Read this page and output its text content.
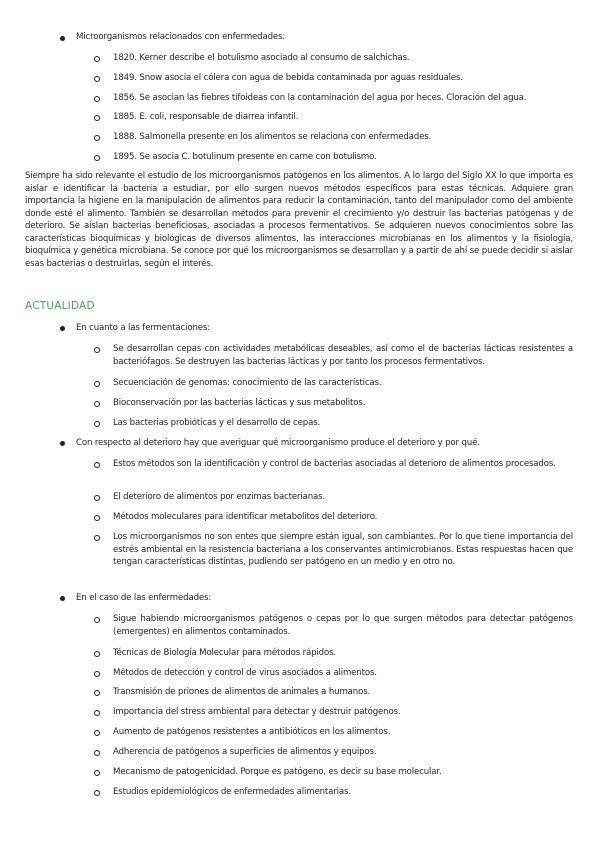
Microorganismos relacionados con enfermedades:
1820. Kerner describe el botulismo asociado al consumo de salchichas.
1849. Snow asocia el cólera con agua de bebida contaminada por aguas residuales.
1856. Se asocian las fiebres tifoideas con la contaminación del agua por heces. Cloración del agua.
1885. E. coli, responsable de diarrea infantil.
1888. Salmonella presente en los alimentos se relaciona con enfermedades.
1895. Se asocia C. botulinum presente en carne con botulismo.
Siempre ha sido relevante el estudio de los microorganismos patógenos en los alimentos. A lo largo del Siglo XX lo que importa es aislar e identificar la bacteria a estudiar, por ello surgen nuevos métodos específicos para estas técnicas. Adquiere gran importancia la higiene en la manipulación de alimentos para reducir la contaminación, tanto del manipulador como del ambiente donde esté el alimento. También se desarrollan métodos para prevenir el crecimiento y/o destruir las bacterias patógenas y de deterioro. Se aíslan bacterias beneficiosas, asociadas a procesos fermentativos. Se adquieren nuevos conocimientos sobre las características bioquímicas y biológicas de diversos alimentos, las interacciones microbianas en los alimentos y la fisiología, bioquímica y genética microbiana. Se conoce por qué los microorganismos se desarrollan y a partir de ahí se puede decidir si aislar esas bacterias o destruirlas, según el interés.
ACTUALIDAD
En cuanto a las fermentaciones:
Se desarrollan cepas con actividades metabólicas deseables, así como el de bacterias lácticas resistentes a bacteriófagos. Se destruyen las bacterias lácticas y por tanto los procesos fermentativos.
Secuenciación de genomas: conocimiento de las características.
Bioconservación por las bacterias lácticas y sus metabolitos.
Las bacterias probióticas y el desarrollo de cepas.
Con respecto al deterioro hay que averiguar qué microorganismo produce el deterioro y por qué.
Estos métodos son la identificación y control de bacterias asociadas al deterioro de alimentos procesados.
El deterioro de alimentos por enzimas bacterianas.
Métodos moleculares para identificar metabolitos del deterioro.
Los microorganismos no son entes que siempre están igual, son cambiantes. Por lo que tiene importancia del estrés ambiental en la resistencia bacteriana a los conservantes antimicrobianos. Estas respuestas hacen que tengan características distintas, pudiendo ser patógeno en un medio y en otro no.
En el caso de las enfermedades:
Sigue habiendo microorganismos patógenos o cepas por lo que surgen métodos para detectar patógenos (emergentes) en alimentos contaminados.
Técnicas de Biología Molecular para métodos rápidos.
Métodos de detección y control de virus asociados a alimentos.
Transmisión de priones de alimentos de animales a humanos.
Importancia del stress ambiental para detectar y destruir patógenos.
Aumento de patógenos resistentes a antibióticos en los alimentos.
Adherencia de patógenos a superficies de alimentos y equipos.
Mecanismo de patogenicidad. Porque es patógeno, es decir su base molecular.
Estudios epidemiológicos de enfermedades alimentarias.
